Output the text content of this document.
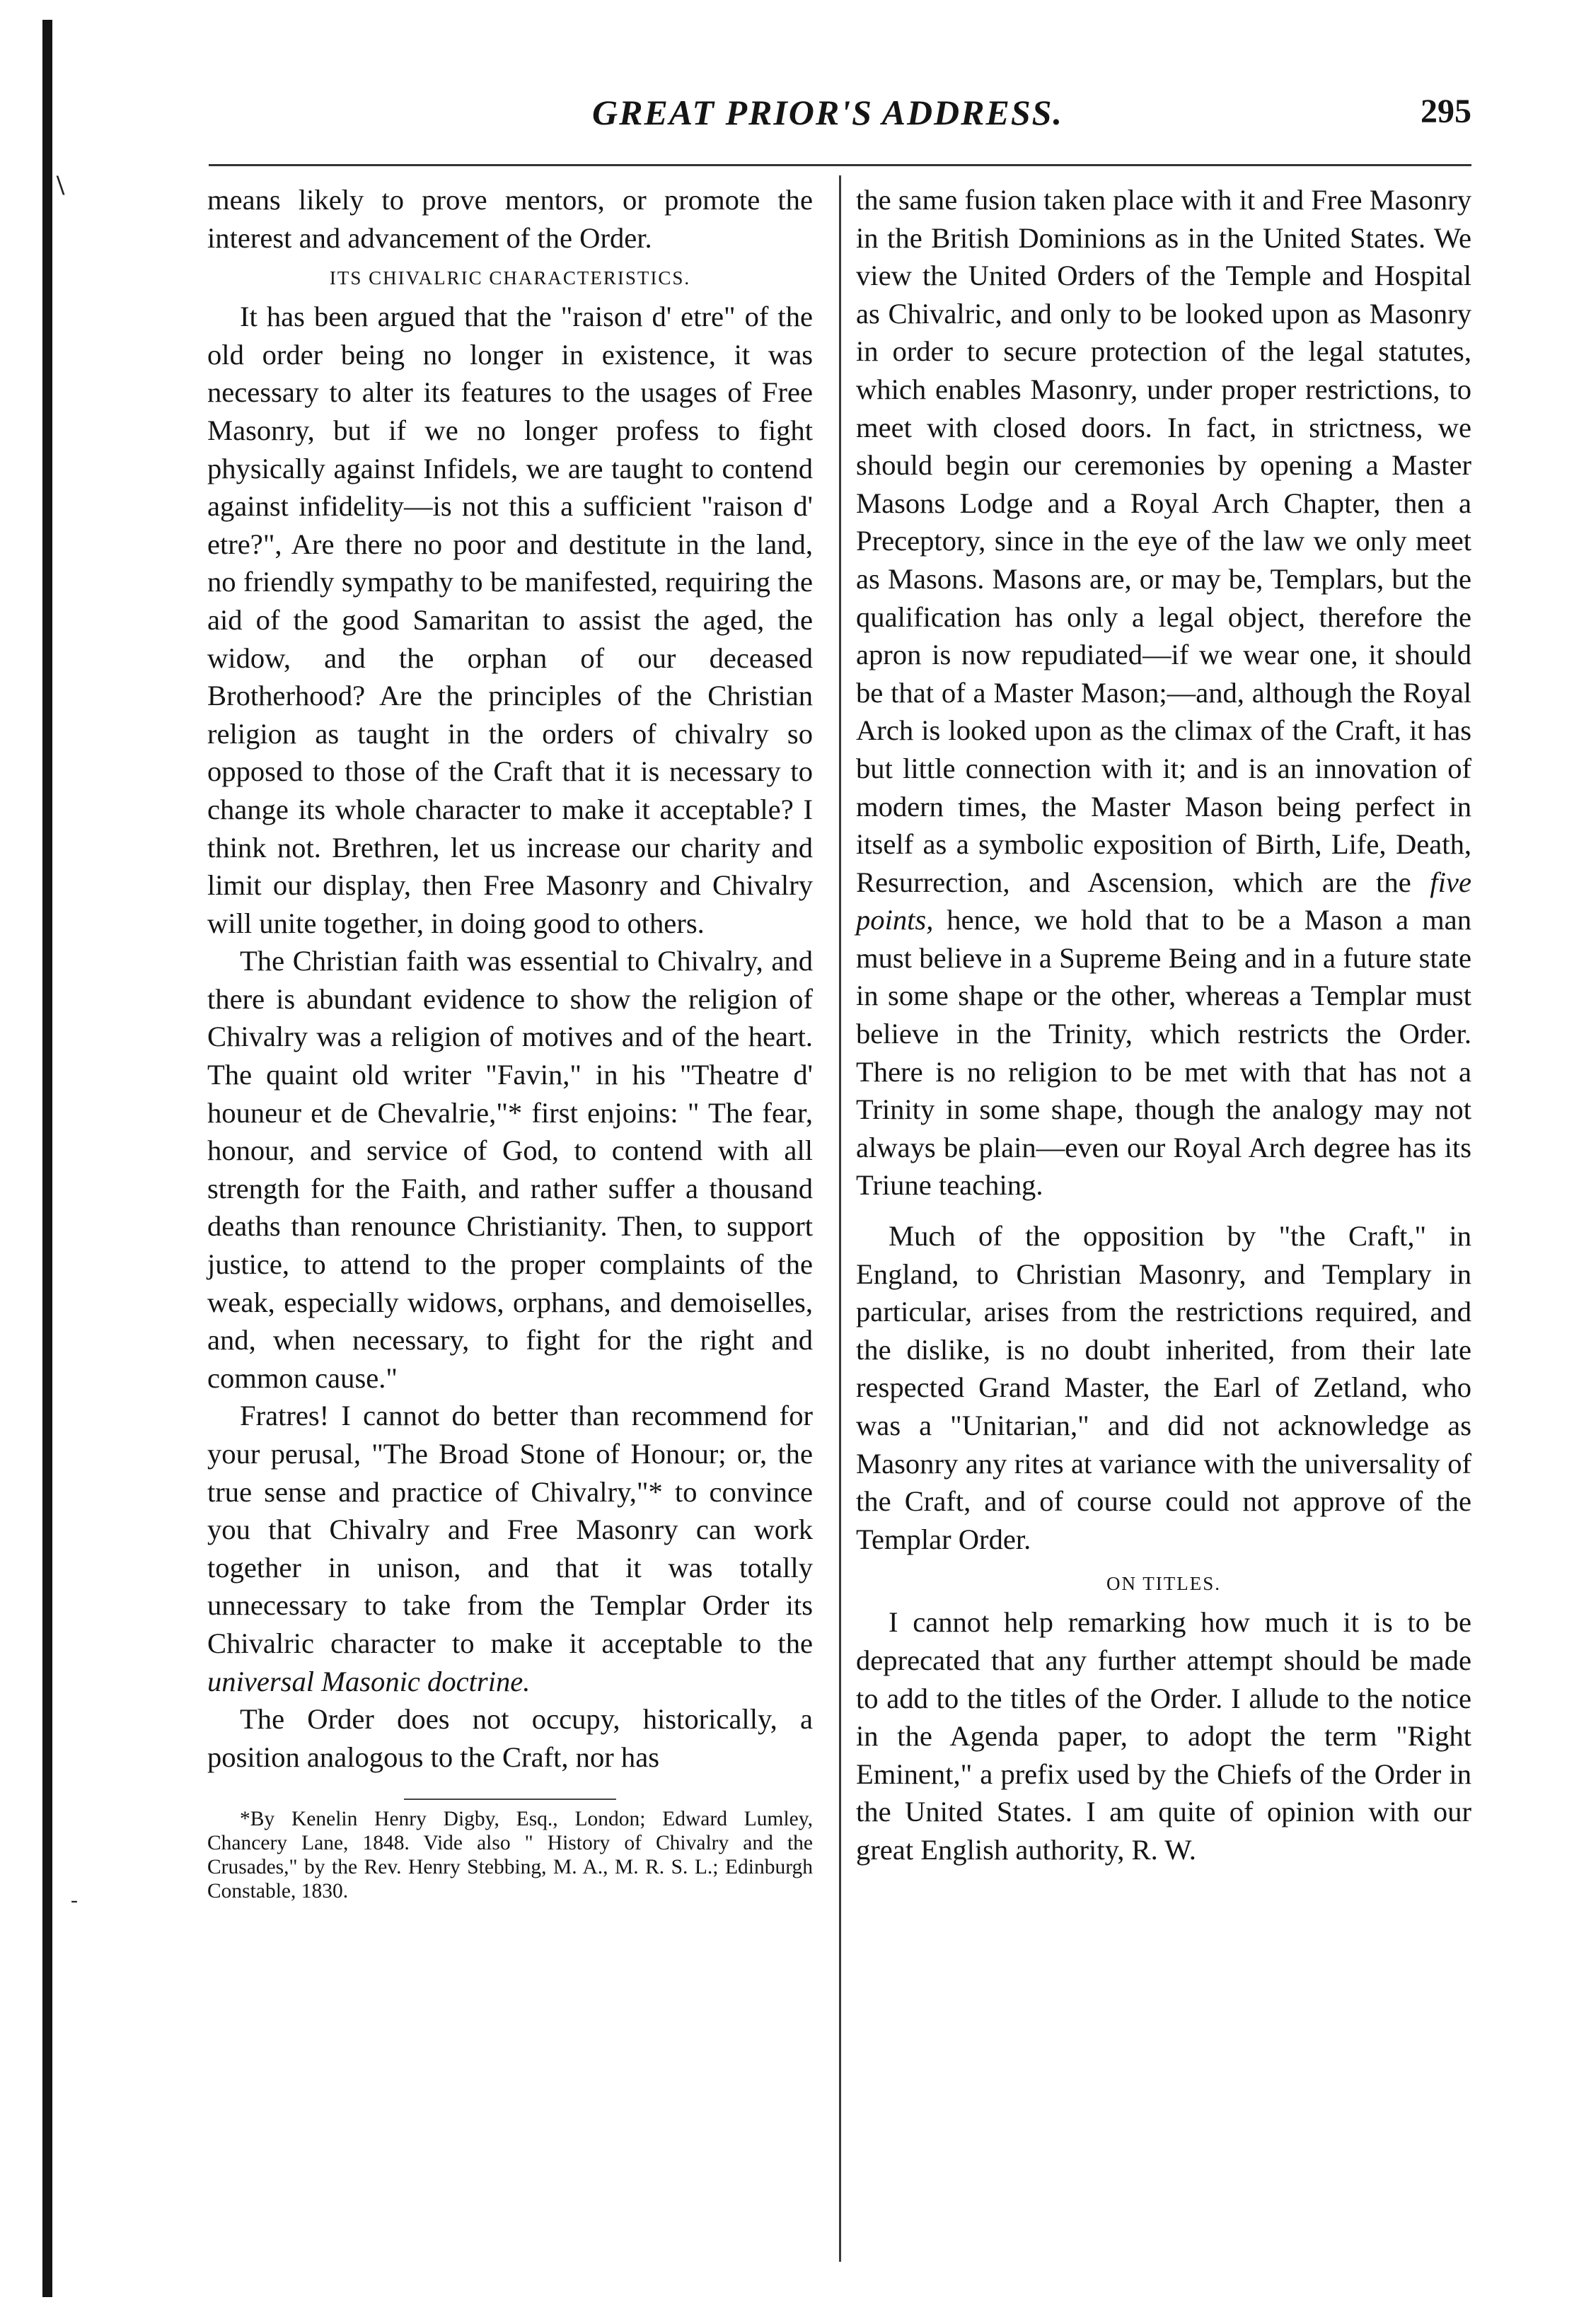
\
-
GREAT PRIOR'S ADDRESS.	295

means likely to prove mentors, or promote the interest and advancement of the Order.

ITS CHIVALRIC CHARACTERISTICS.

It has been argued that the "raison d' etre" of the old order being no longer in existence, it was necessary to alter its features to the usages of Free Masonry, but if we no longer profess to fight physically against Infidels, we are taught to contend against infidelity—is not this a sufficient "raison d' etre?", Are there no poor and destitute in the land, no friendly sympathy to be manifested, requiring the aid of the good Samaritan to assist the aged, the widow, and the orphan of our deceased Brotherhood? Are the principles of the Christian religion as taught in the orders of chivalry so opposed to those of the Craft that it is necessary to change its whole character to make it acceptable? I think not. Brethren, let us increase our charity and limit our display, then Free Masonry and Chivalry will unite together, in doing good to others.

The Christian faith was essential to Chivalry, and there is abundant evidence to show the religion of Chivalry was a religion of motives and of the heart. The quaint old writer "Favin," in his "Theatre d' houneur et de Chevalrie,"* first enjoins: " The fear, honour, and service of God, to contend with all strength for the Faith, and rather suffer a thousand deaths than renounce Christianity. Then, to support justice, to attend to the proper complaints of the weak, especially widows, orphans, and demoiselles, and, when necessary, to fight for the right and common cause."

Fratres! I cannot do better than recommend for your perusal, "The Broad Stone of Honour; or, the true sense and practice of Chivalry,"* to convince you that Chivalry and Free Masonry can work together in unison, and that it was totally unnecessary to take from the Templar Order its Chivalric character to make it acceptable to the universal Masonic doctrine.

The Order does not occupy, historically, a position analogous to the Craft, nor has

*By Kenelin Henry Digby, Esq., London; Edward Lumley, Chancery Lane, 1848. Vide also " History of Chivalry and the Crusades," by the Rev. Henry Stebbing, M. A., M. R. S. L.; Edinburgh Constable, 1830.

the same fusion taken place with it and Free Masonry in the British Dominions as in the United States. We view the United Orders of the Temple and Hospital as Chivalric, and only to be looked upon as Masonry in order to secure protection of the legal statutes, which enables Masonry, under proper restrictions, to meet with closed doors. In fact, in strictness, we should begin our ceremonies by opening a Master Masons Lodge and a Royal Arch Chapter, then a Preceptory, since in the eye of the law we only meet as Masons. Masons are, or may be, Templars, but the qualification has only a legal object, therefore the apron is now repudiated—if we wear one, it should be that of a Master Mason;—and, although the Royal Arch is looked upon as the climax of the Craft, it has but little connection with it; and is an innovation of modern times, the Master Mason being perfect in itself as a symbolic exposition of Birth, Life, Death, Resurrection, and Ascension, which are the five points, hence, we hold that to be a Mason a man must believe in a Supreme Being and in a future state in some shape or the other, whereas a Templar must believe in the Trinity, which restricts the Order. There is no religion to be met with that has not a Trinity in some shape, though the analogy may not always be plain—even our Royal Arch degree has its Triune teaching.

Much of the opposition by "the Craft," in England, to Christian Masonry, and Templary in particular, arises from the restrictions required, and the dislike, is no doubt inherited, from their late respected Grand Master, the Earl of Zetland, who was a "Unitarian," and did not acknowledge as Masonry any rites at variance with the universality of the Craft, and of course could not approve of the Templar Order.

ON TITLES.

I cannot help remarking how much it is to be deprecated that any further attempt should be made to add to the titles of the Order. I allude to the notice in the Agenda paper, to adopt the term "Right Eminent," a prefix used by the Chiefs of the Order in the United States. I am quite of opinion with our great English authority, R. W.
